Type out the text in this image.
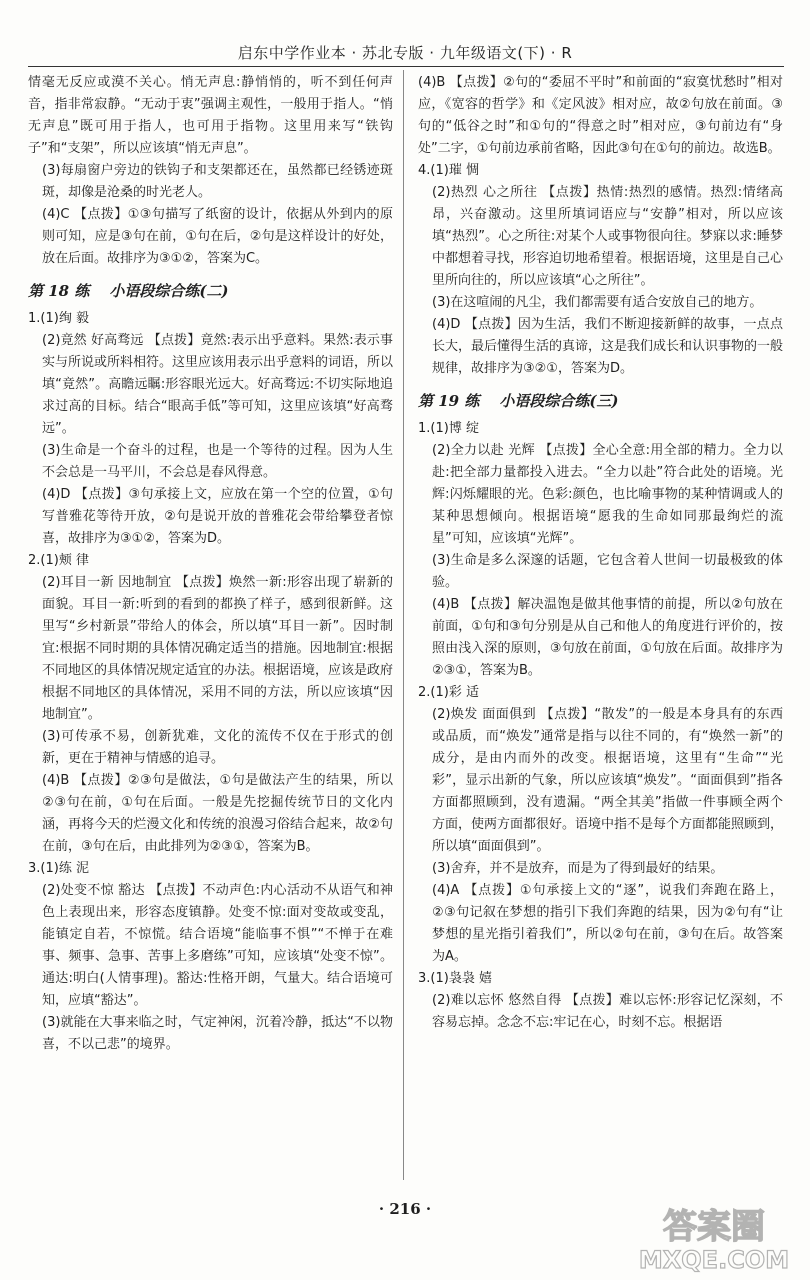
启东中学作业本 · 苏北专版 · 九年级语文(下) · R

情毫无反应或漠不关心。悄无声息:静悄悄的，听不到任何声音，指非常寂静。“无动于衷”强调主观性，一般用于指人。“悄无声息”既可用于指人，也可用于指物。这里用来写“铁钩子”和“支架”，所以应该填“悄无声息”。

(3)每扇窗户旁边的铁钩子和支架都还在，虽然都已经锈迹斑斑，却像是沧桑的时光老人。

(4)C 【点拨】①③句描写了纸窗的设计，依据从外到内的原则可知，应是③句在前，①句在后，②句是这样设计的好处，放在后面。故排序为③①②，答案为C。

第 18 练 小语段综合练(二)

1.(1)绚 毅

(2)竟然 好高骛远 【点拨】竟然:表示出乎意料。果然:表示事实与所说或所料相符。这里应该用表示出乎意料的词语，所以填“竟然”。高瞻远瞩:形容眼光远大。好高骛远:不切实际地追求过高的目标。结合“眼高手低”等可知，这里应该填“好高骛远”。

(3)生命是一个奋斗的过程，也是一个等待的过程。因为人生不会总是一马平川，不会总是春风得意。

(4)D 【点拨】③句承接上文，应放在第一个空的位置，①句写普雅花等待开放，②句是说开放的普雅花会带给攀登者惊喜，故排序为③①②，答案为D。

2.(1)颊 律

(2)耳目一新 因地制宜 【点拨】焕然一新:形容出现了崭新的面貌。耳目一新:听到的看到的都换了样子，感到很新鲜。这里写“乡村新景”带给人的体会，所以填“耳目一新”。因时制宜:根据不同时期的具体情况确定适当的措施。因地制宜:根据不同地区的具体情况规定适宜的办法。根据语境，应该是政府根据不同地区的具体情况，采用不同的方法，所以应该填“因地制宜”。

(3)可传承不易，创新犹难，文化的流传不仅在于形式的创新，更在于精神与情感的追寻。

(4)B 【点拨】②③句是做法，①句是做法产生的结果，所以②③句在前，①句在后面。一般是先挖掘传统节日的文化内涵，再将今天的烂漫文化和传统的浪漫习俗结合起来，故②句在前，③句在后，由此排列为②③①，答案为B。

3.(1)练 泥

(2)处变不惊 豁达 【点拨】不动声色:内心活动不从语气和神色上表现出来，形容态度镇静。处变不惊:面对变故或变乱，能镇定自若，不惊慌。结合语境“能临事不惧”“不惮于在难事、频事、急事、苦事上多磨练”可知，应该填“处变不惊”。通达:明白(人情事理)。豁达:性格开朗，气量大。结合语境可知，应填“豁达”。

(3)就能在大事来临之时，气定神闲，沉着冷静，抵达“不以物喜，不以己悲”的境界。

(4)B 【点拨】②句的“委屈不平时”和前面的“寂寞忧愁时”相对应，《宽容的哲学》和《定风波》相对应，故②句放在前面。③句的“低谷之时”和①句的“得意之时”相对应，③句前边有“身处”二字，①句前边承前省略，因此③句在①句的前边。故选B。

4.(1)璀 惆

(2)热烈 心之所往 【点拨】热情:热烈的感情。热烈:情绪高昂，兴奋激动。这里所填词语应与“安静”相对，所以应该填“热烈”。心之所往:对某个人或事物很向往。梦寐以求:睡梦中都想着寻找，形容迫切地希望着。根据语境，这里是自己心里所向往的，所以应该填“心之所往”。

(3)在这喧闹的凡尘，我们都需要有适合安放自己的地方。

(4)D 【点拨】因为生活，我们不断迎接新鲜的故事，一点点长大，最后懂得生活的真谛，这是我们成长和认识事物的一般规律，故排序为③②①，答案为D。

第 19 练 小语段综合练(三)

1.(1)博 绽

(2)全力以赴 光辉 【点拨】全心全意:用全部的精力。全力以赴:把全部力量都投入进去。“全力以赴”符合此处的语境。光辉:闪烁耀眼的光。色彩:颜色，也比喻事物的某种情调或人的某种思想倾向。根据语境“愿我的生命如同那最绚烂的流星”可知，应该填“光辉”。

(3)生命是多么深邃的话题，它包含着人世间一切最极致的体验。

(4)B 【点拨】解决温饱是做其他事情的前提，所以②句放在前面，①句和③句分别是从自己和他人的角度进行评价的，按照由浅入深的原则，③句放在前面，①句放在后面。故排序为②③①，答案为B。

2.(1)彩 适

(2)焕发 面面俱到 【点拨】“散发”的一般是本身具有的东西或品质，而“焕发”通常是指与以往不同的，有“焕然一新”的成分，是由内而外的改变。根据语境，这里有“生命”“光彩”，显示出新的气象，所以应该填“焕发”。“面面俱到”指各方面都照顾到，没有遗漏。“两全其美”指做一件事顾全两个方面，使两方面都很好。语境中指不是每个方面都能照顾到，所以填“面面俱到”。

(3)舍弃，并不是放弃，而是为了得到最好的结果。

(4)A 【点拨】①句承接上文的“逐”，说我们奔跑在路上，②③句记叙在梦想的指引下我们奔跑的结果，因为②句有“让梦想的星光指引着我们”，所以②句在前，③句在后。故答案为A。

3.(1)袅袅 嬉

(2)难以忘怀 悠然自得 【点拨】难以忘怀:形容记忆深刻，不容易忘掉。念念不忘:牢记在心，时刻不忘。根据语

· 216 ·	答案圈
MXQE.COM
